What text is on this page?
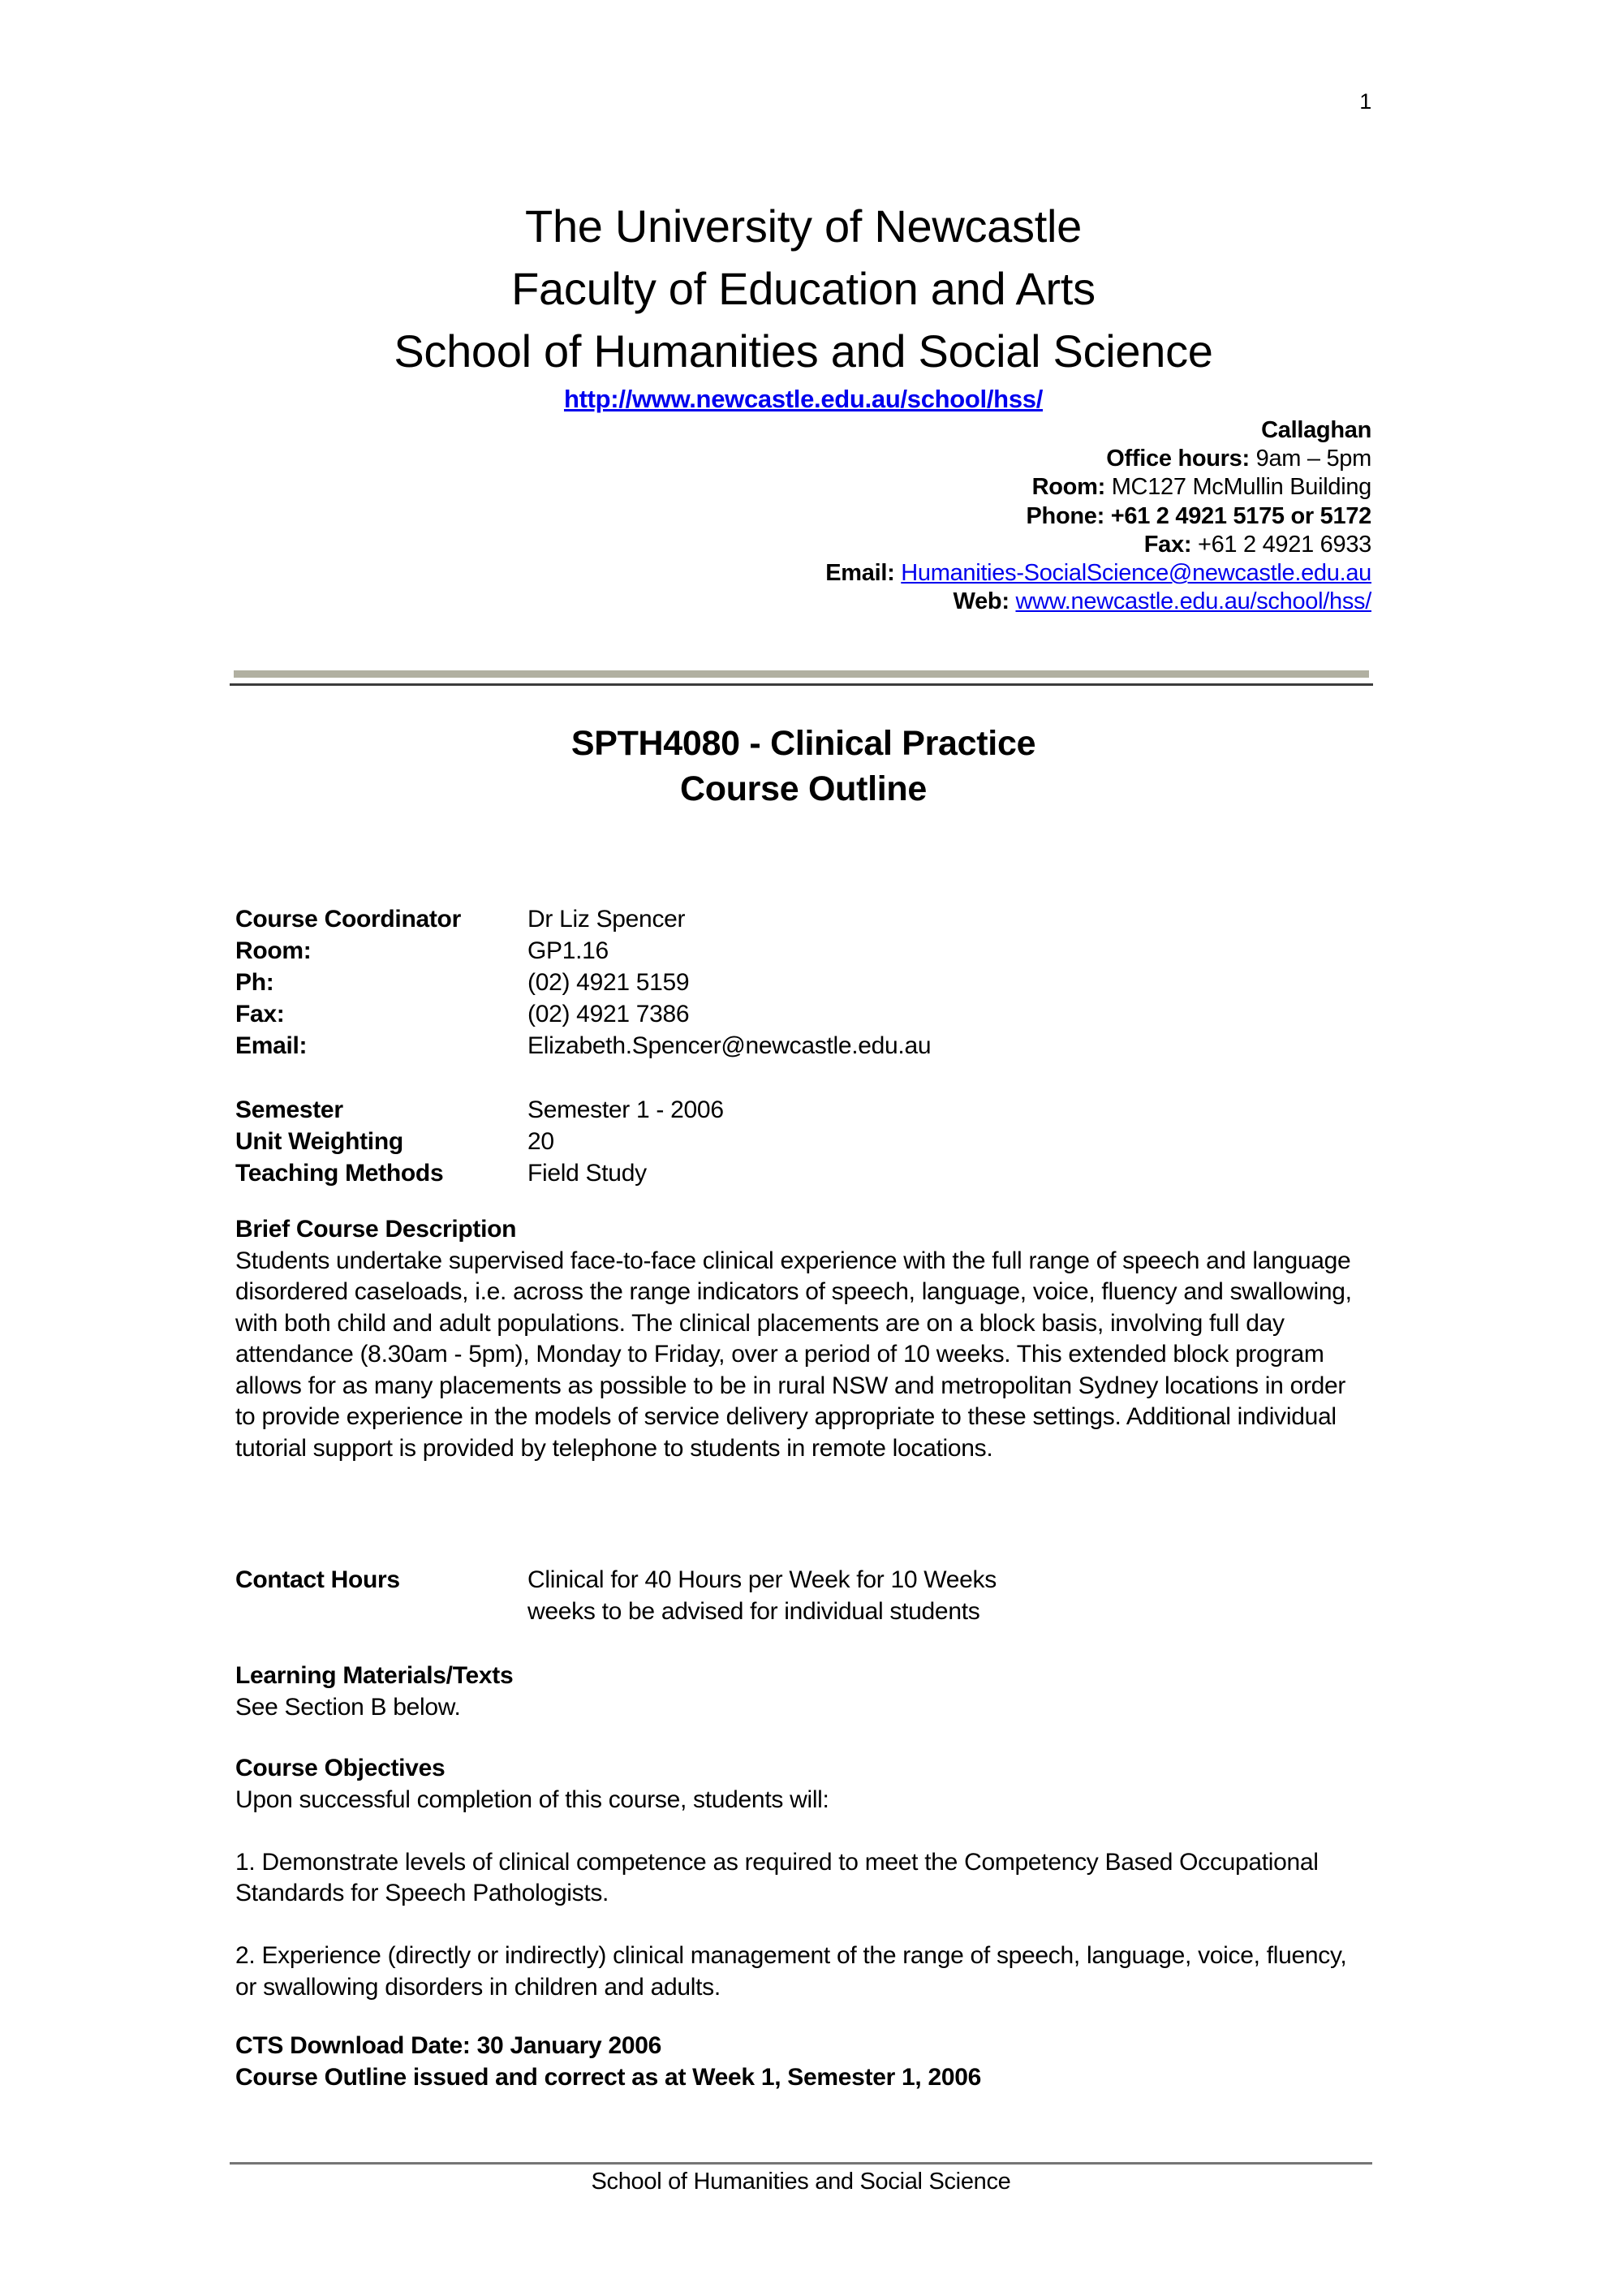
1
The University of Newcastle
Faculty of Education and Arts
School of Humanities and Social Science
http://www.newcastle.edu.au/school/hss/
Callaghan
Office hours: 9am – 5pm
Room: MC127 McMullin Building
Phone: +61 2 4921 5175 or 5172
Fax: +61 2 4921 6933
Email: Humanities-SocialScience@newcastle.edu.au
Web: www.newcastle.edu.au/school/hss/
SPTH4080 - Clinical Practice
Course Outline
Course Coordinator	Dr Liz Spencer
Room:	GP1.16
Ph:	(02) 4921 5159
Fax:	(02) 4921 7386
Email:	Elizabeth.Spencer@newcastle.edu.au
Semester	Semester 1 - 2006
Unit Weighting	20
Teaching Methods	Field Study
Brief Course Description
Students undertake supervised face-to-face clinical experience with the full range of speech and language disordered caseloads, i.e. across the range indicators of speech, language, voice, fluency and swallowing, with both child and adult populations. The clinical placements are on a block basis, involving full day attendance (8.30am - 5pm), Monday to Friday, over a period of 10 weeks. This extended block program allows for as many placements as possible to be in rural NSW and metropolitan Sydney locations in order to provide experience in the models of service delivery appropriate to these settings. Additional individual tutorial support is provided by telephone to students in remote locations.
Contact Hours	Clinical for 40 Hours per Week for 10 Weeks
weeks to be advised for individual students
Learning Materials/Texts
See Section B below.
Course Objectives
Upon successful completion of this course, students will:
1. Demonstrate levels of clinical competence as required to meet the Competency Based Occupational Standards for Speech Pathologists.
2. Experience (directly or indirectly) clinical management of the range of speech, language, voice, fluency, or swallowing disorders in children and adults.
CTS Download Date: 30 January 2006
Course Outline issued and correct as at Week 1, Semester 1, 2006
School of Humanities and Social Science
